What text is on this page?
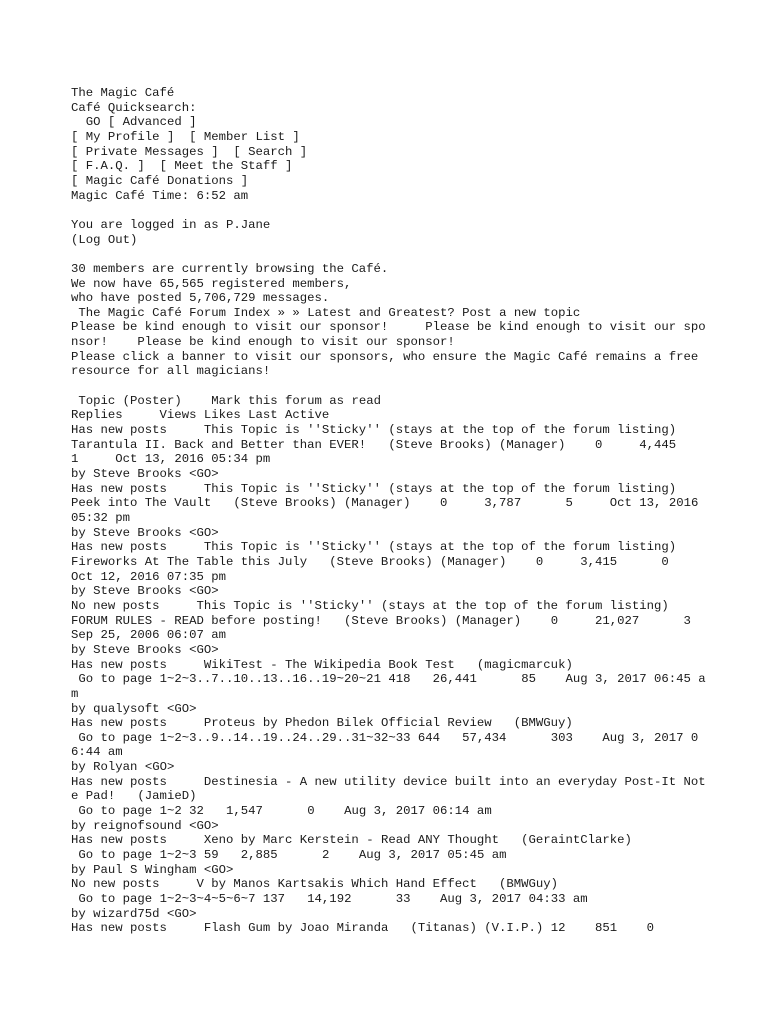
The Magic Café
Café Quicksearch:
GO [ Advanced ]
[ My Profile ]  [ Member List ]
[ Private Messages ]  [ Search ]
[ F.A.Q. ]  [ Meet the Staff ]
[ Magic Café Donations ]
Magic Café Time: 6:52 am
You are logged in as P.Jane
(Log Out)
30 members are currently browsing the Café.
We now have 65,565 registered members,
who have posted 5,706,729 messages.
The Magic Café Forum Index » » Latest and Greatest? Post a new topic
Please be kind enough to visit our sponsor!     Please be kind enough to visit our sponsor!    Please be kind enough to visit our sponsor!
Please click a banner to visit our sponsors, who ensure the Magic Café remains a free resource for all magicians!
Topic (Poster) Mark this forum as read
Replies     Views Likes Last Active
Has new posts	This Topic is ''Sticky'' (stays at the top of the forum listing)
Tarantula II. Back and Better than EVER! (Steve Brooks) (Manager) 0	4,445      1	Oct 13, 2016 05:34 pm
by Steve Brooks <GO>
Has new posts	This Topic is ''Sticky'' (stays at the top of the forum listing)
Peek into The Vault (Steve Brooks) (Manager) 0	3,787	5	Oct 13, 2016 05:32 pm
by Steve Brooks <GO>
Has new posts	This Topic is ''Sticky'' (stays at the top of the forum listing)
Fireworks At The Table this July (Steve Brooks) (Manager) 0	3,415	0     Oct 12, 2016 07:35 pm
by Steve Brooks <GO>
No new posts	This Topic is ''Sticky'' (stays at the top of the forum listing)
FORUM RULES - READ before posting! (Steve Brooks) (Manager) 0	21,027	3     Sep 25, 2006 06:07 am
by Steve Brooks <GO>
Has new posts	WikiTest - The Wikipedia Book Test (magicmarcuk)
Go to page 1~2~3..7..10..13..16..19~20~21 418 26,441	85 Aug 3, 2017 06:45 am
by qualysoft <GO>
Has new posts	Proteus by Phedon Bilek Official Review (BMWGuy)
Go to page 1~2~3..9..14..19..24..29..31~32~33 644 57,434	303 Aug 3, 2017 06:44 am
by Rolyan <GO>
Has new posts	Destinesia - A new utility device built into an everyday Post-It Note Pad! (JamieD)
Go to page 1~2 32 1,547	0 Aug 3, 2017 06:14 am
by reignofsound <GO>
Has new posts	Xeno by Marc Kerstein - Read ANY Thought (GeraintClarke)
Go to page 1~2~3 59 2,885	2 Aug 3, 2017 05:45 am
by Paul S Wingham <GO>
No new posts	V by Manos Kartsakis Which Hand Effect (BMWGuy)
Go to page 1~2~3~4~5~6~7 137 14,192	33 Aug 3, 2017 04:33 am
by wizard75d <GO>
Has new posts	Flash Gum by Joao Miranda (Titanas) (V.I.P.) 12 851 0
